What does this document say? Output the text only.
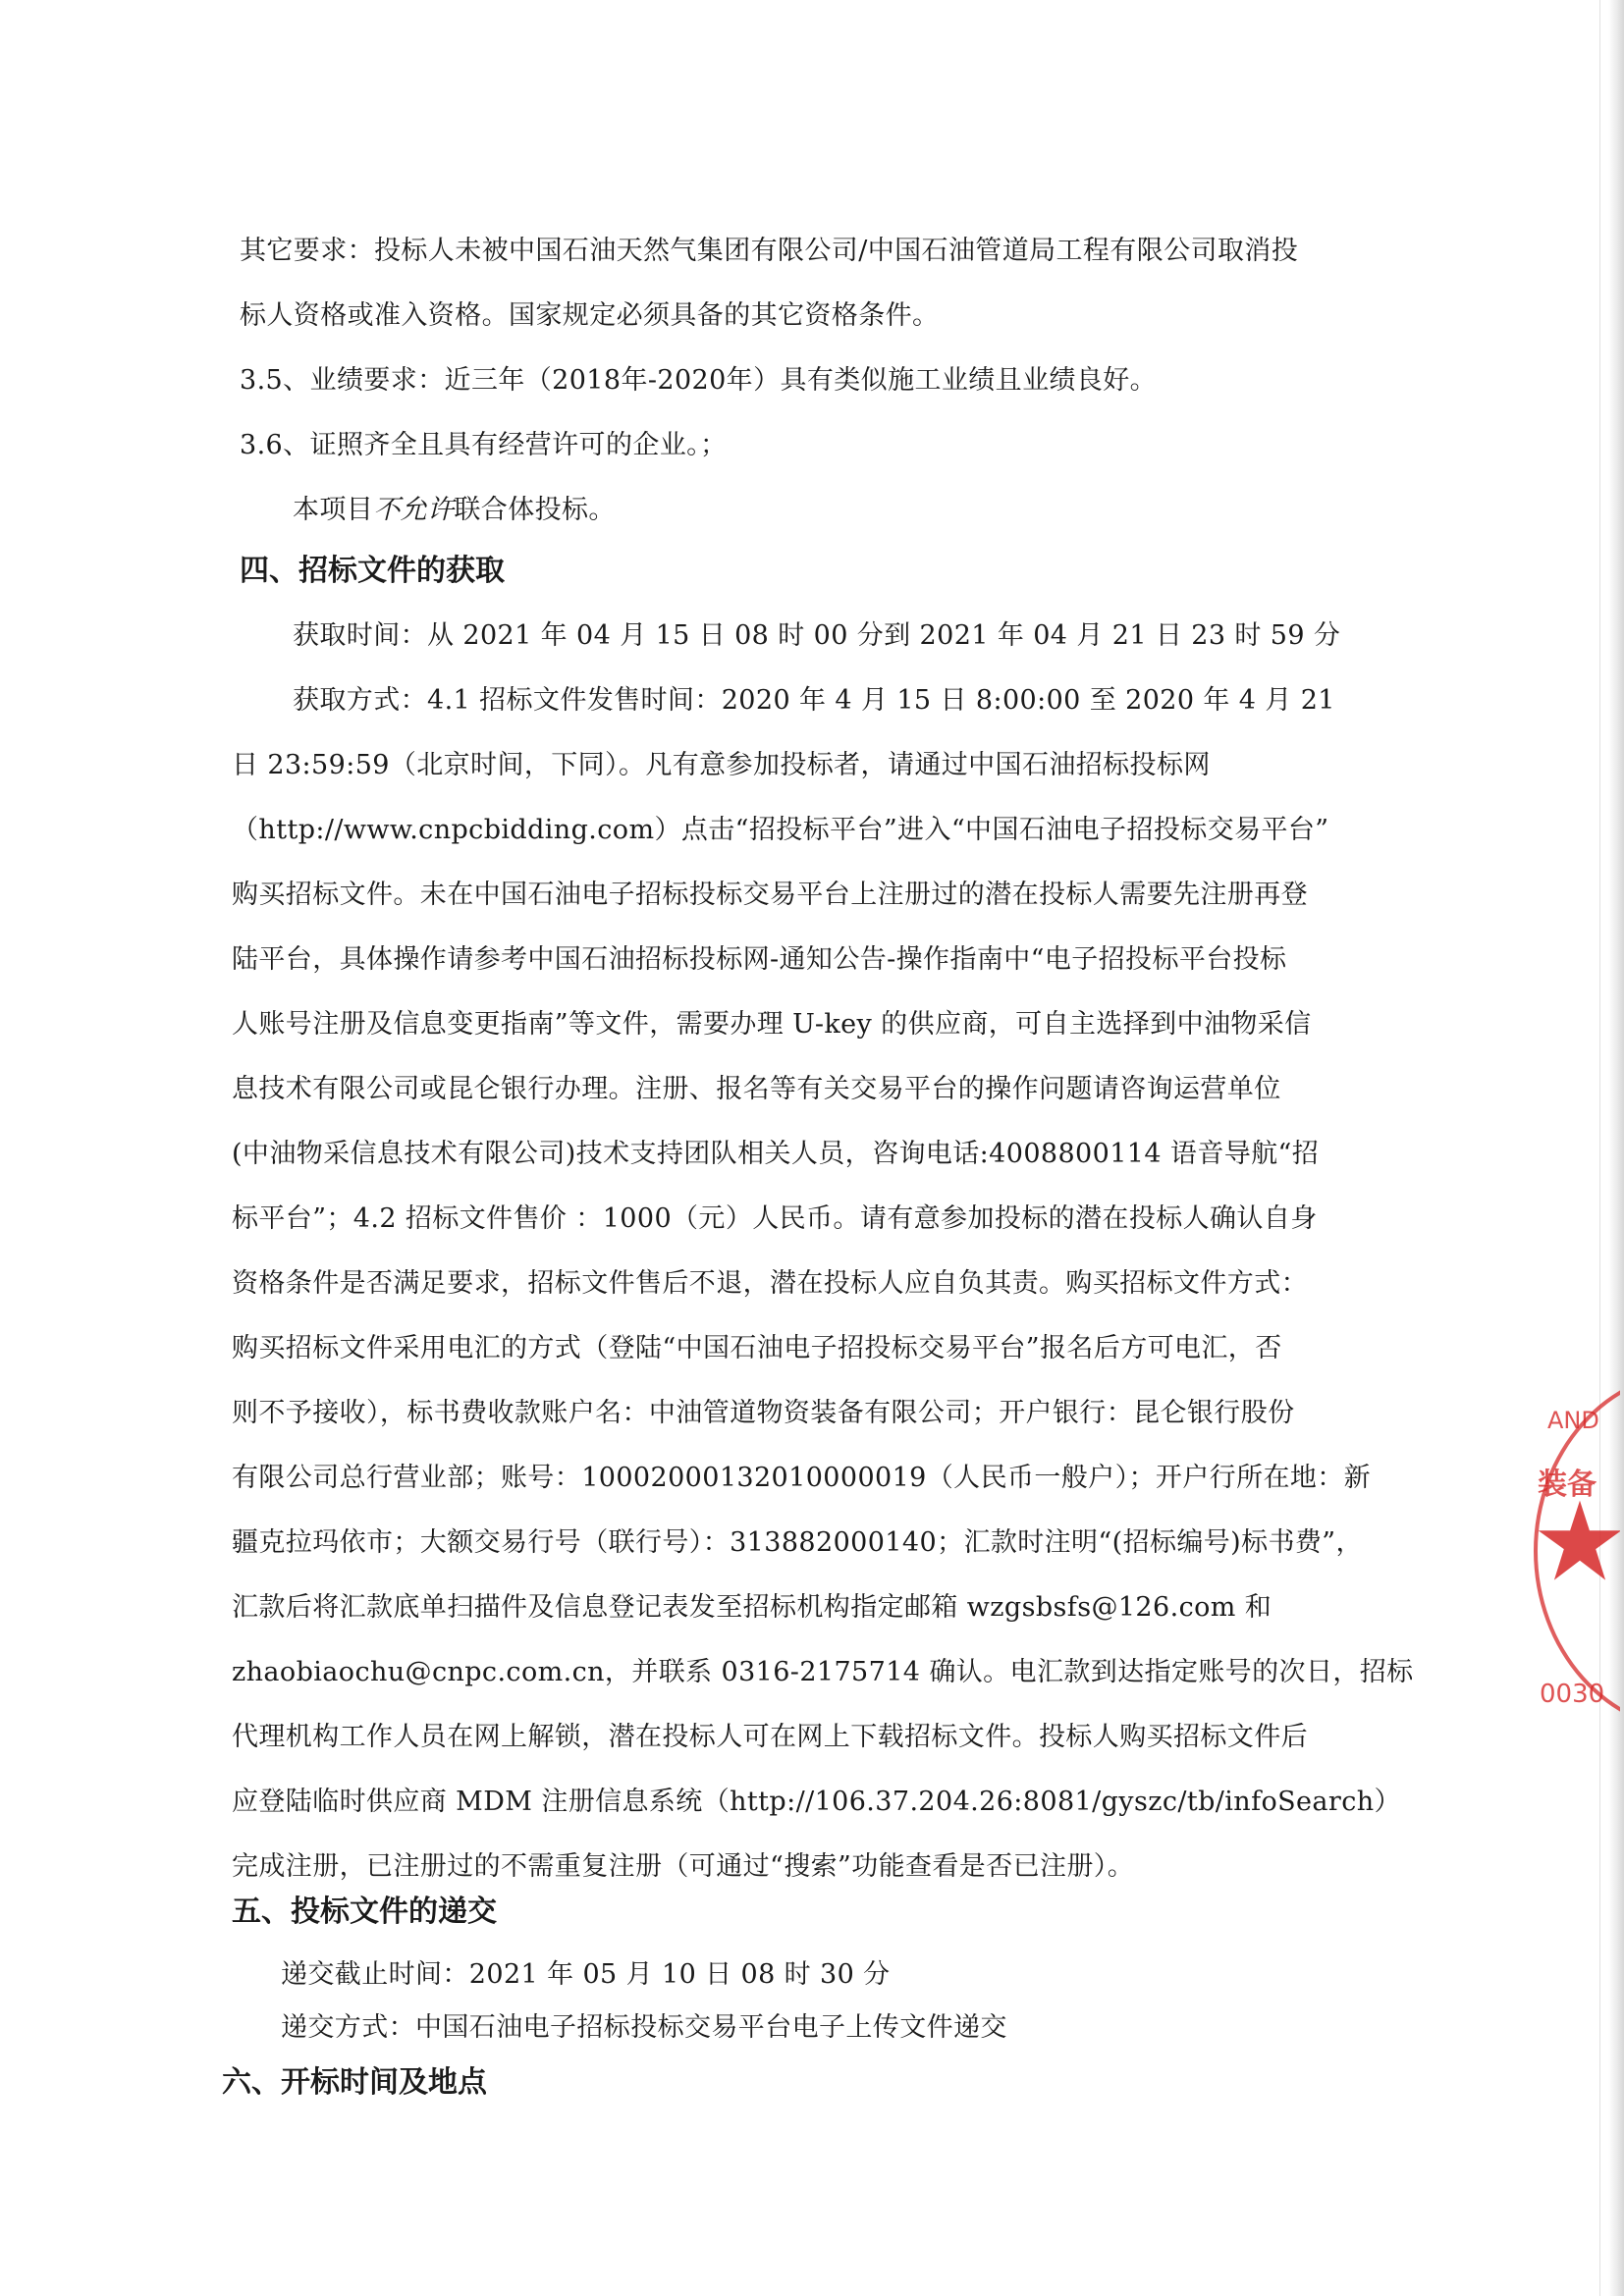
其它要求：投标人未被中国石油天然气集团有限公司/中国石油管道局工程有限公司取消投

标人资格或准入资格。国家规定必须具备的其它资格条件。

3.5、业绩要求：近三年（2018年-2020年）具有类似施工业绩且业绩良好。

3.6、证照齐全且具有经营许可的企业。；

本项目不允许联合体投标。

四、招标文件的获取

获取时间：从 2021 年 04 月 15 日 08 时 00 分到 2021 年 04 月 21 日 23 时 59 分

获取方式：4.1 招标文件发售时间：2020 年 4 月 15 日 8:00:00 至 2020 年 4 月 21

日 23:59:59（北京时间，下同）。凡有意参加投标者，请通过中国石油招标投标网

（http://www.cnpcbidding.com）点击“招投标平台”进入“中国石油电子招投标交易平台”

购买招标文件。未在中国石油电子招标投标交易平台上注册过的潜在投标人需要先注册再登

陆平台，具体操作请参考中国石油招标投标网-通知公告-操作指南中“电子招投标平台投标

人账号注册及信息变更指南”等文件，需要办理 U-key 的供应商，可自主选择到中油物采信

息技术有限公司或昆仑银行办理。注册、报名等有关交易平台的操作问题请咨询运营单位

(中油物采信息技术有限公司)技术支持团队相关人员，咨询电话:4008800114 语音导航“招

标平台”；4.2 招标文件售价 ：1000（元）人民币。请有意参加投标的潜在投标人确认自身

资格条件是否满足要求，招标文件售后不退，潜在投标人应自负其责。购买招标文件方式：

购买招标文件采用电汇的方式（登陆“中国石油电子招投标交易平台”报名后方可电汇，否

则不予接收），标书费收款账户名：中油管道物资装备有限公司；开户银行：昆仑银行股份

有限公司总行营业部；账号：10002000132010000019（人民币一般户）；开户行所在地：新

疆克拉玛依市；大额交易行号（联行号）：313882000140；汇款时注明“(招标编号)标书费”，

汇款后将汇款底单扫描件及信息登记表发至招标机构指定邮箱 wzgsbsfs@126.com 和

zhaobiaochu@cnpc.com.cn，并联系 0316-2175714 确认。电汇款到达指定账号的次日，招标

代理机构工作人员在网上解锁，潜在投标人可在网上下载招标文件。投标人购买招标文件后

应登陆临时供应商 MDM 注册信息系统（http://106.37.204.26:8081/gyszc/tb/infoSearch）

完成注册，已注册过的不需重复注册（可通过“搜索”功能查看是否已注册）。

五、投标文件的递交

递交截止时间：2021 年 05 月 10 日 08 时 30 分

递交方式：中国石油电子招标投标交易平台电子上传文件递交

六、开标时间及地点
AND
装备
0030
